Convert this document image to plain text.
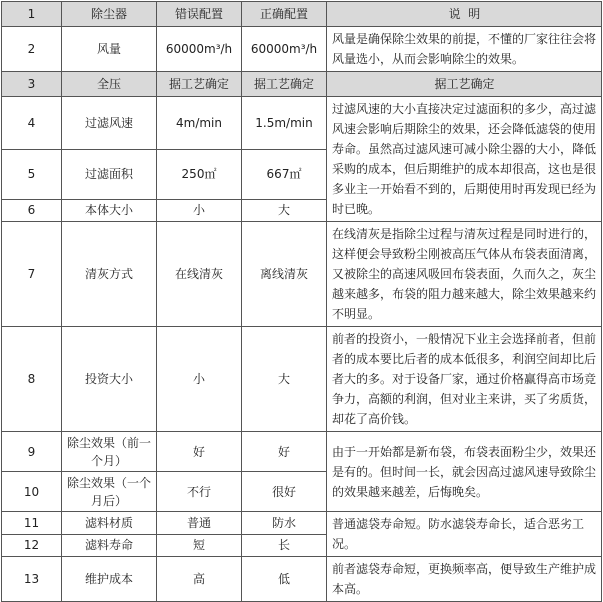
1	除尘器	错误配置	正确配置	说  明
2	风量	60000m³/h	60000m³/h	风量是确保除尘效果的前提，不懂的厂家往往会将风量选小，从而会影响除尘的效果。
3	全压	据工艺确定	据工艺确定	据工艺确定
4	过滤风速	4m/min	1.5m/min	过滤风速的大小直接决定过滤面积的多少，高过滤风速会影响后期除尘的效果，还会降低滤袋的使用寿命。虽然高过滤风速可减小除尘器的大小，降低采购的成本，但后期维护的成本却很高，这也是很多业主一开始看不到的，后期使用时再发现已经为时已晚。
5	过滤面积	250㎡	667㎡	
6	本体大小	小	大	
7	清灰方式	在线清灰	离线清灰	在线清灰是指除尘过程与清灰过程是同时进行的，这样便会导致粉尘刚被高压气体从布袋表面清离，又被除尘的高速风吸回布袋表面，久而久之，灰尘越来越多，布袋的阻力越来越大，除尘效果越来约不明显。
8	投资大小	小	大	前者的投资小，一般情况下业主会选择前者，但前者的成本要比后者的成本低很多，利润空间却比后者大的多。对于设备厂家，通过价格赢得高市场竞争力，高额的利润，但对业主来讲，买了劣质货，却花了高价钱。
9	除尘效果（前一个月）	好	好	由于一开始都是新布袋，布袋表面粉尘少，效果还是有的。但时间一长，就会因高过滤风速导致除尘的效果越来越差，后悔晚矣。
10	除尘效果（一个月后）	不行	很好	
11	滤料材质	普通	防水	普通滤袋寿命短。防水滤袋寿命长，适合恶劣工况。
12	滤料寿命	短	长	
13	维护成本	高	低	前者滤袋寿命短，更换频率高，便导致生产维护成本高。
